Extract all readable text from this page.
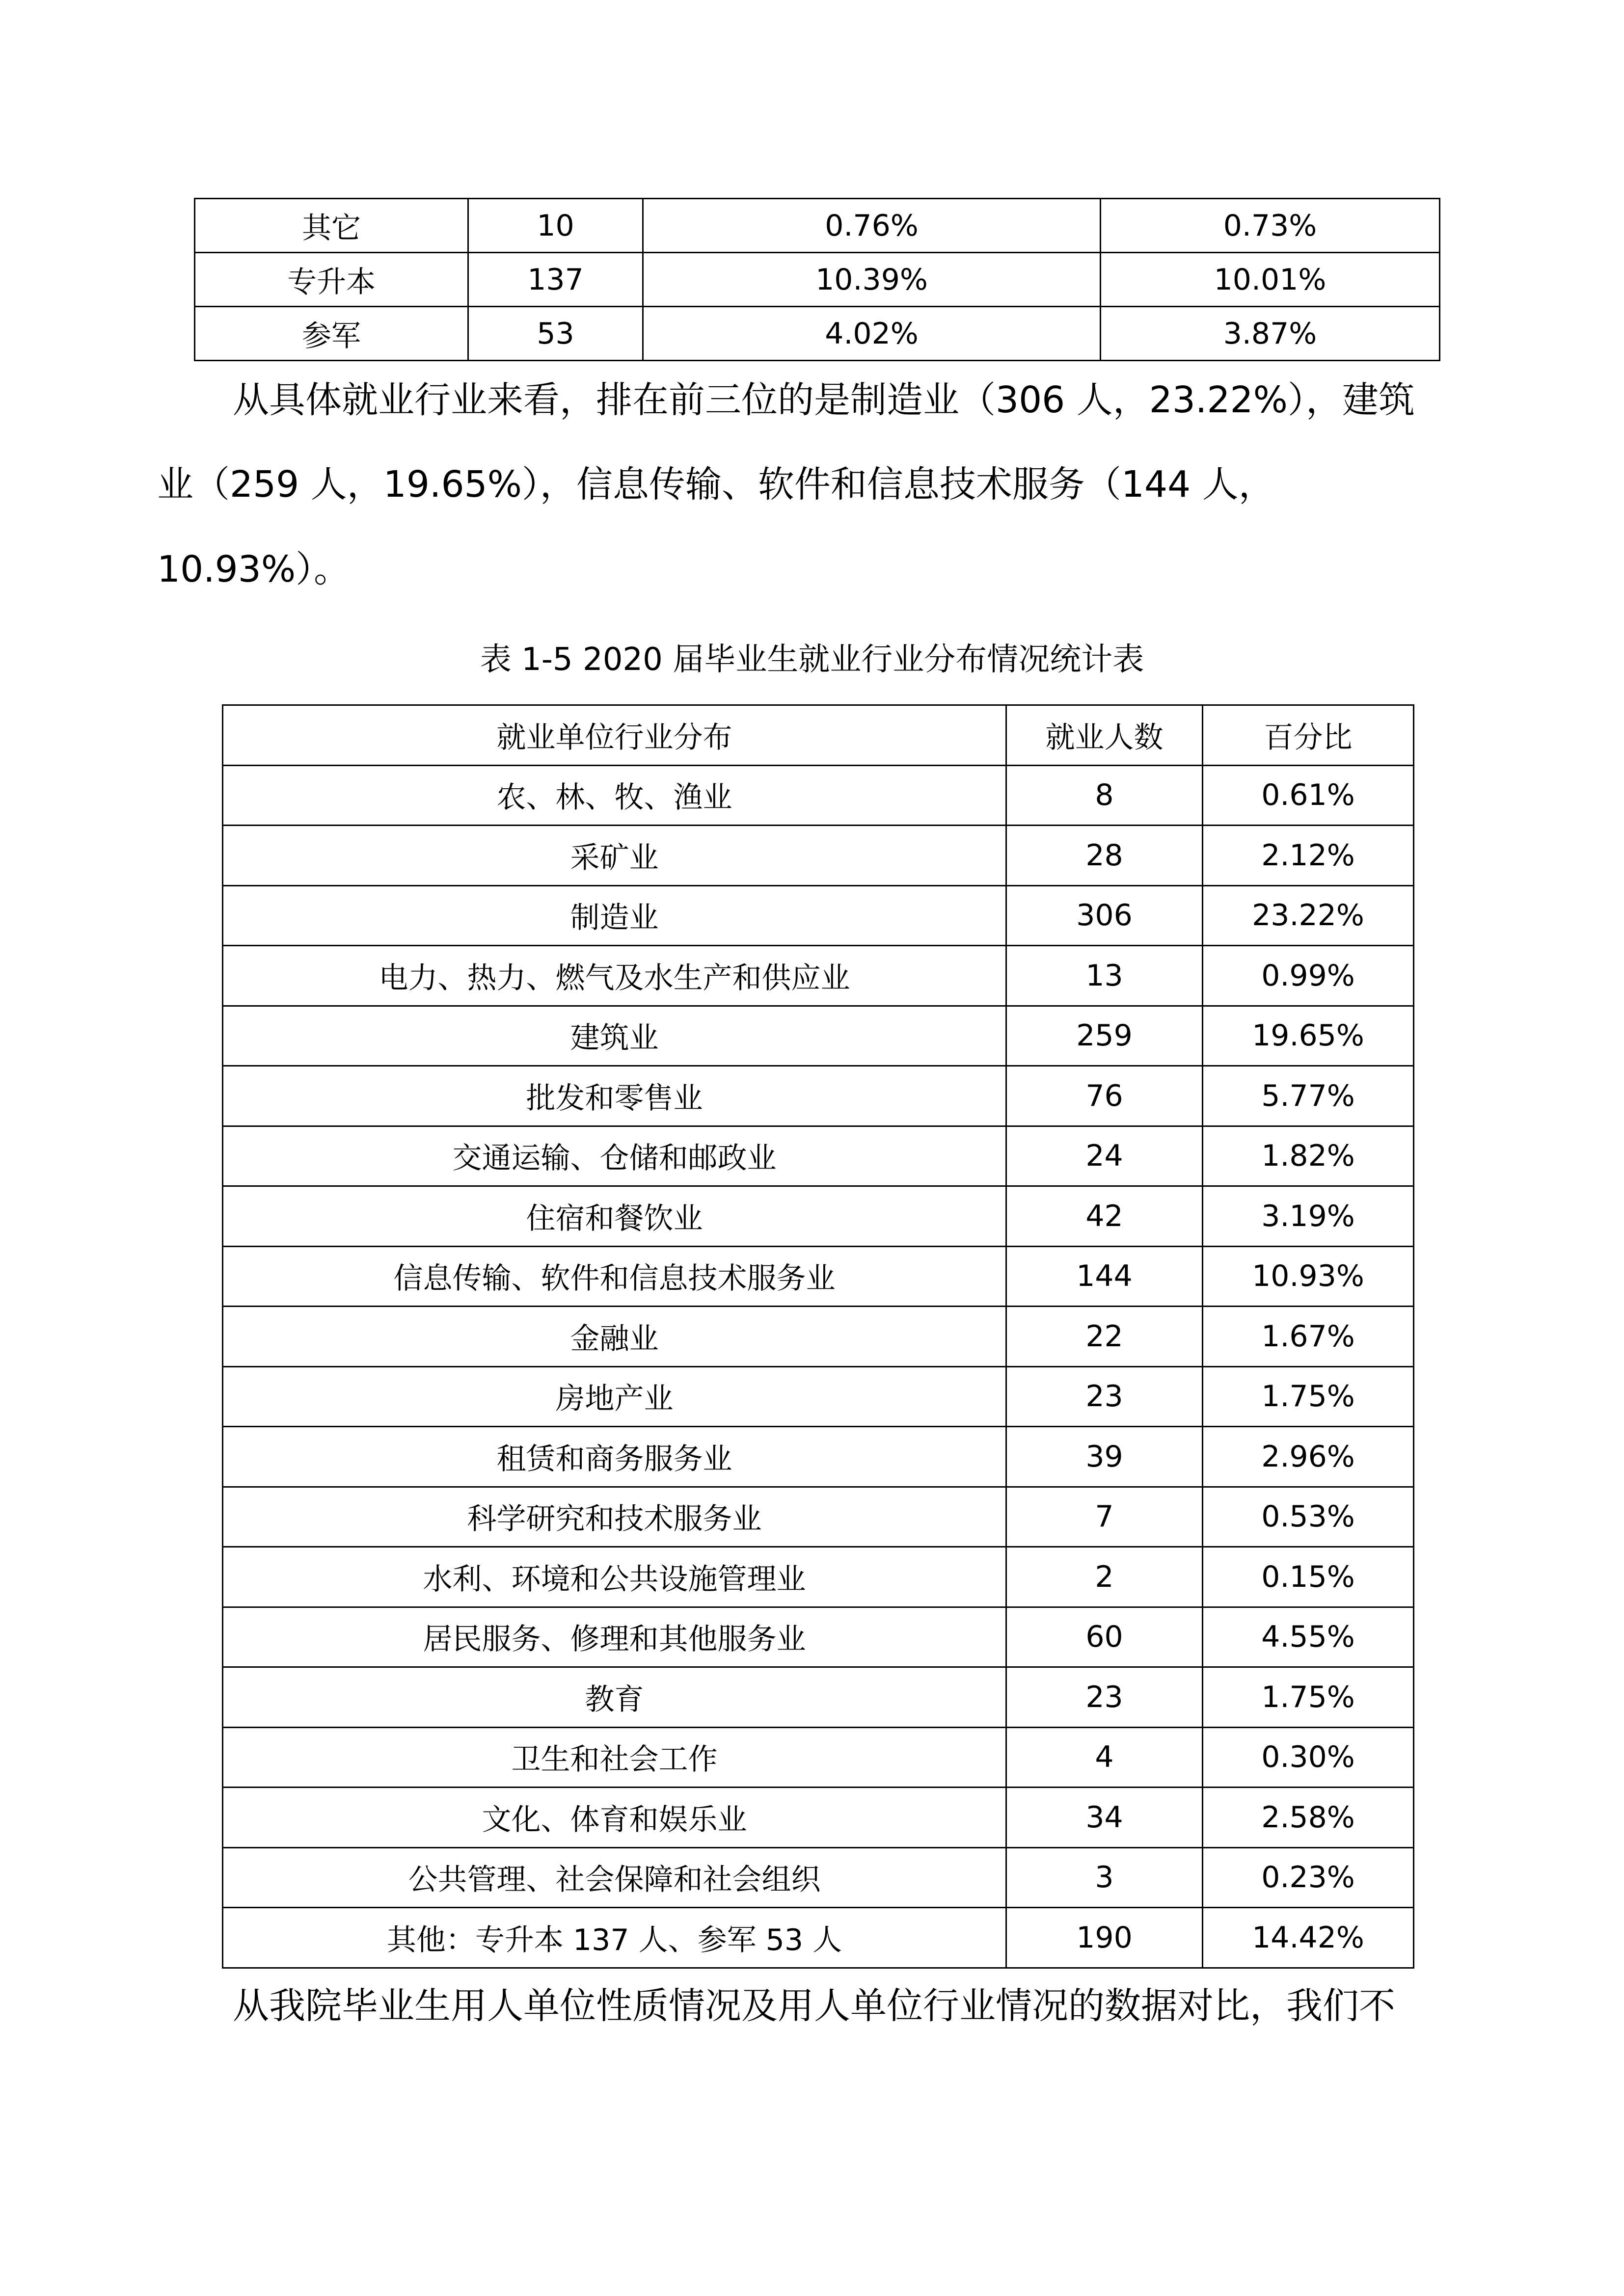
其它	10	0.76%	0.73%
专升本	137	10.39%	10.01%
参军	53	4.02%	3.87%

从具体就业行业来看，排在前三位的是制造业（306 人，23.22%），建筑

业（259 人，19.65%），信息传输、软件和信息技术服务（144 人，

10.93%）。

表 1-5 2020 届毕业生就业行业分布情况统计表

就业单位行业分布	就业人数	百分比
农、林、牧、渔业	8	0.61%
采矿业	28	2.12%
制造业	306	23.22%
电力、热力、燃气及水生产和供应业	13	0.99%
建筑业	259	19.65%
批发和零售业	76	5.77%
交通运输、仓储和邮政业	24	1.82%
住宿和餐饮业	42	3.19%
信息传输、软件和信息技术服务业	144	10.93%
金融业	22	1.67%
房地产业	23	1.75%
租赁和商务服务业	39	2.96%
科学研究和技术服务业	7	0.53%
水利、环境和公共设施管理业	2	0.15%
居民服务、修理和其他服务业	60	4.55%
教育	23	1.75%
卫生和社会工作	4	0.30%
文化、体育和娱乐业	34	2.58%
公共管理、社会保障和社会组织	3	0.23%
其他：专升本 137 人、参军 53 人	190	14.42%

从我院毕业生用人单位性质情况及用人单位行业情况的数据对比，我们不
